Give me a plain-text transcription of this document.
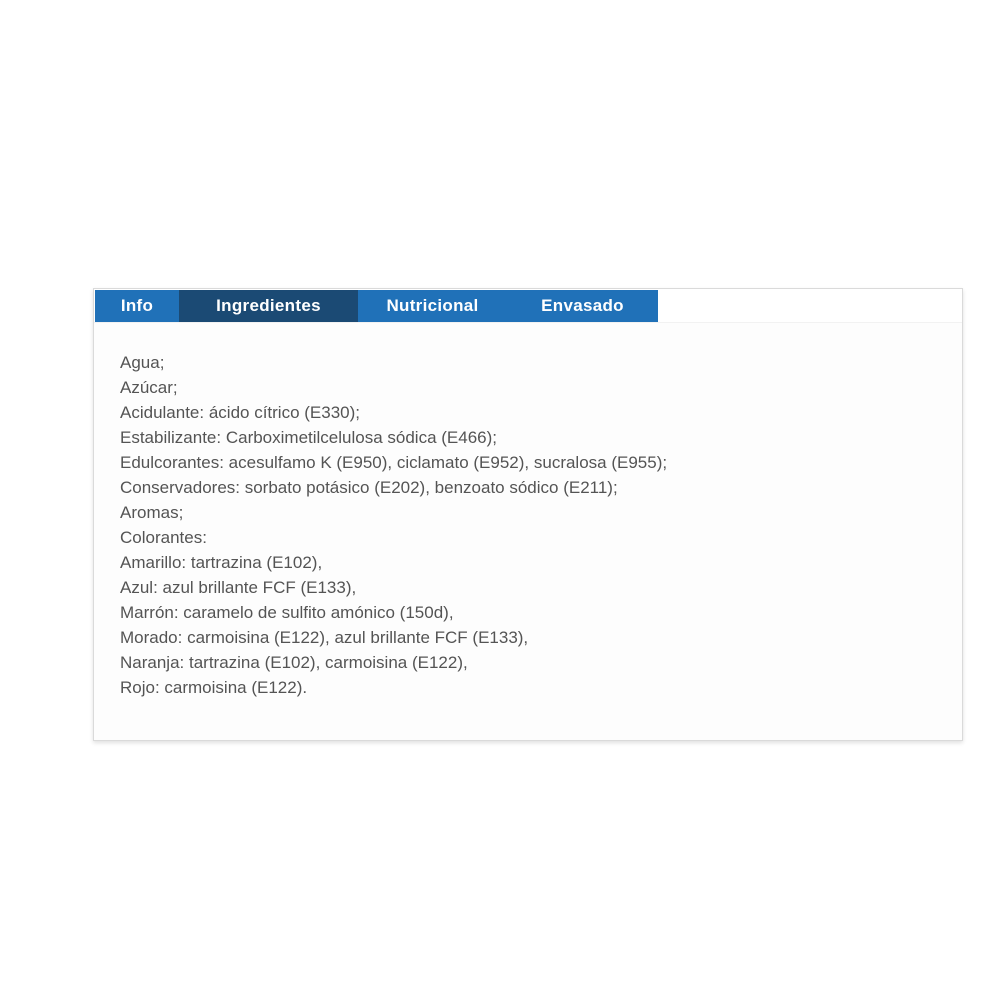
Info	Ingredientes	Nutricional	Envasado
Agua;
Azúcar;
Acidulante: ácido cítrico (E330);
Estabilizante: Carboximetilcelulosa sódica (E466);
Edulcorantes: acesulfamo K (E950), ciclamato (E952), sucralosa (E955);
Conservadores: sorbato potásico (E202), benzoato sódico (E211);
Aromas;
Colorantes:
Amarillo: tartrazina (E102),
Azul: azul brillante FCF (E133),
Marrón: caramelo de sulfito amónico (150d),
Morado: carmoisina (E122), azul brillante FCF (E133),
Naranja: tartrazina (E102), carmoisina (E122),
Rojo: carmoisina (E122).
